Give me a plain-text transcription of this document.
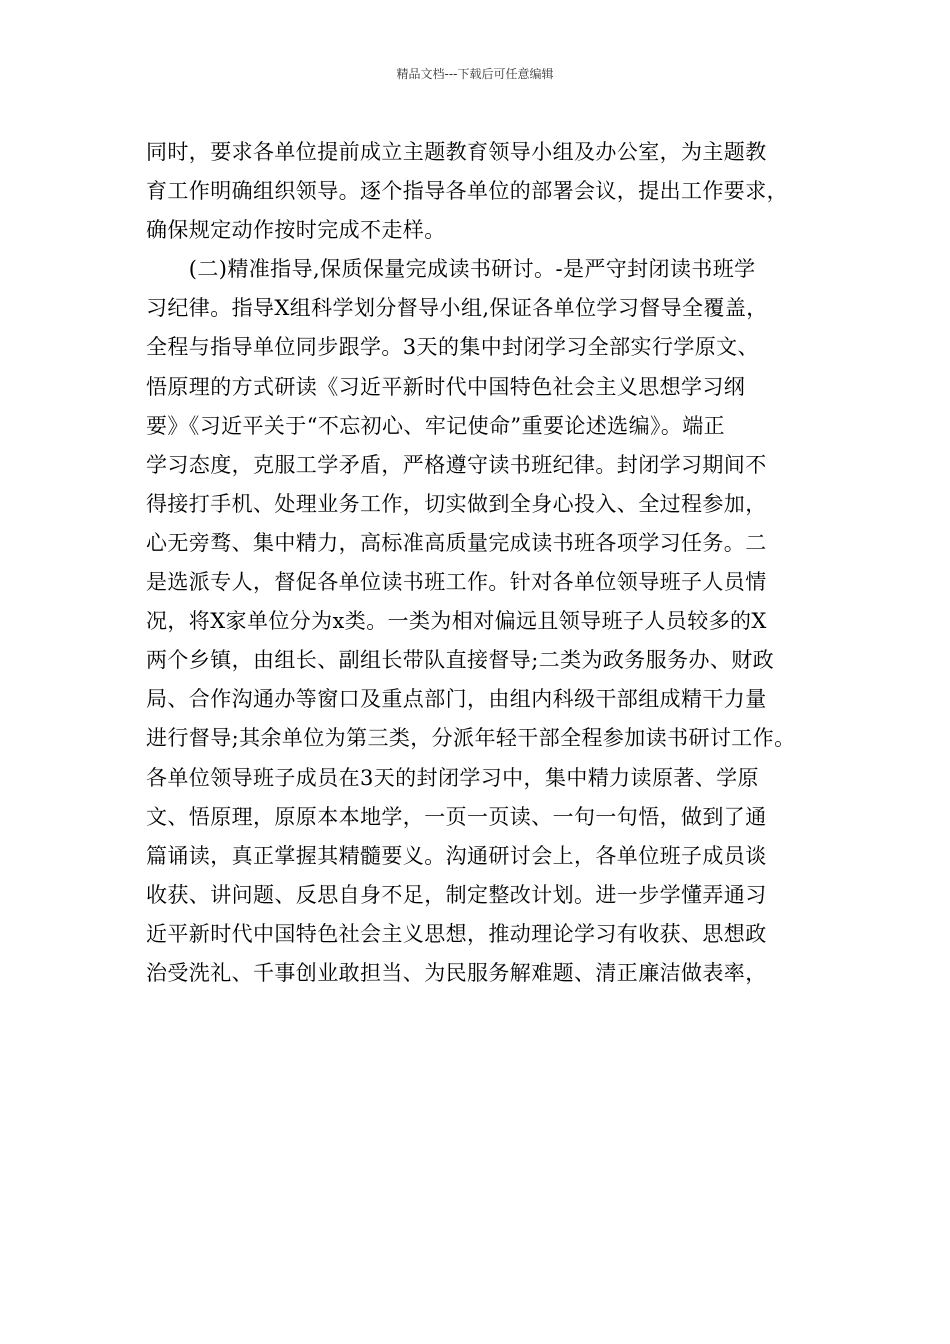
精品文档---下载后可任意编辑
同时，要求各单位提前成立主题教育领导小组及办公室，为主题教
育工作明确组织领导。逐个指导各单位的部署会议，提出工作要求，
确保规定动作按时完成不走样。
　　(二)精准指导,保质保量完成读书研讨。-是严守封闭读书班学
习纪律。指导X组科学划分督导小组,保证各单位学习督导全覆盖，
全程与指导单位同步跟学。3天的集中封闭学习全部实行学原文、
悟原理的方式研读《习近平新时代中国特色社会主义思想学习纲
要》《习近平关于“不忘初心、牢记使命”重要论述选编》。端正
学习态度，克服工学矛盾，严格遵守读书班纪律。封闭学习期间不
得接打手机、处理业务工作，切实做到全身心投入、全过程参加，
心无旁骛、集中精力，高标准高质量完成读书班各项学习任务。二
是选派专人，督促各单位读书班工作。针对各单位领导班子人员情
况，将X家单位分为x类。一类为相对偏远且领导班子人员较多的X
两个乡镇，由组长、副组长带队直接督导;二类为政务服务办、财政
局、合作沟通办等窗口及重点部门，由组内科级干部组成精干力量
进行督导;其余单位为第三类，分派年轻干部全程参加读书研讨工作。
各单位领导班子成员在3天的封闭学习中，集中精力读原著、学原
文、悟原理，原原本本地学，一页一页读、一句一句悟，做到了通
篇诵读，真正掌握其精髓要义。沟通研讨会上，各单位班子成员谈
收获、讲问题、反思自身不足，制定整改计划。进一步学懂弄通习
近平新时代中国特色社会主义思想，推动理论学习有收获、思想政
治受洗礼、千事创业敢担当、为民服务解难题、清正廉洁做表率，
